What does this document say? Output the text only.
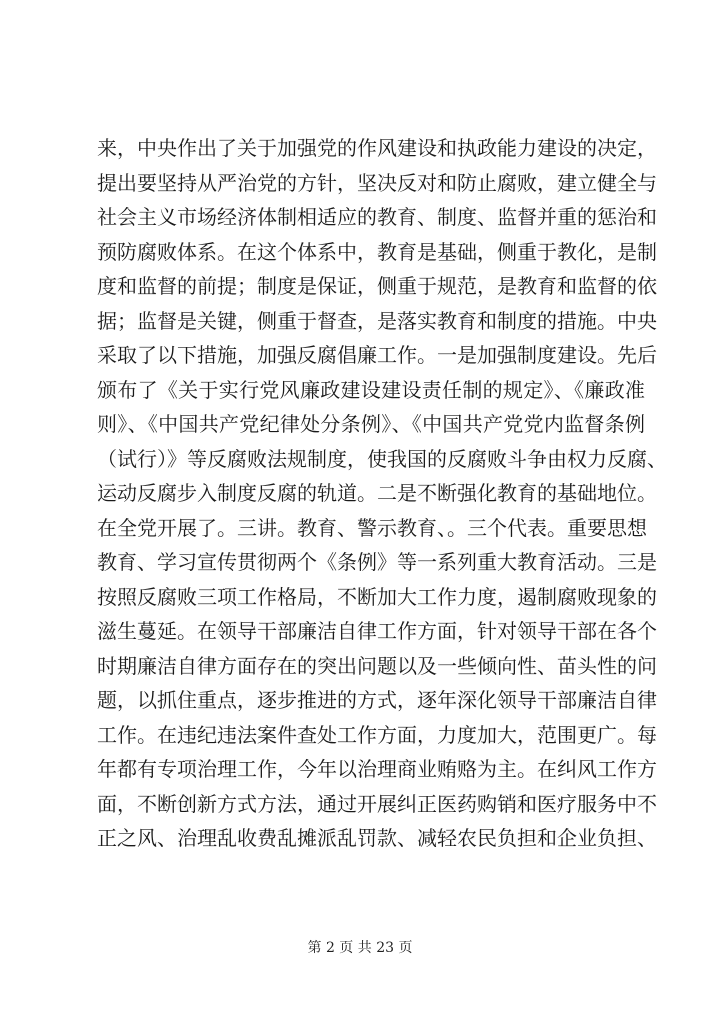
来，中央作出了关于加强党的作风建设和执政能力建设的决定，
提出要坚持从严治党的方针，坚决反对和防止腐败，建立健全与
社会主义市场经济体制相适应的教育、制度、监督并重的惩治和
预防腐败体系。在这个体系中，教育是基础，侧重于教化，是制
度和监督的前提；制度是保证，侧重于规范，是教育和监督的依
据；监督是关键，侧重于督查，是落实教育和制度的措施。中央
采取了以下措施，加强反腐倡廉工作。一是加强制度建设。先后
颁布了《关于实行党风廉政建设建设责任制的规定》、《廉政准
则》、《中国共产党纪律处分条例》、《中国共产党党内监督条例
（试行）》等反腐败法规制度，使我国的反腐败斗争由权力反腐、
运动反腐步入制度反腐的轨道。二是不断强化教育的基础地位。
在全党开展了。三讲。教育、警示教育、。三个代表。重要思想
教育、学习宣传贯彻两个《条例》等一系列重大教育活动。三是
按照反腐败三项工作格局，不断加大工作力度，遏制腐败现象的
滋生蔓延。在领导干部廉洁自律工作方面，针对领导干部在各个
时期廉洁自律方面存在的突出问题以及一些倾向性、苗头性的问
题，以抓住重点，逐步推进的方式，逐年深化领导干部廉洁自律
工作。在违纪违法案件查处工作方面，力度加大，范围更广。每
年都有专项治理工作，今年以治理商业贿赂为主。在纠风工作方
面，不断创新方式方法，通过开展纠正医药购销和医疗服务中不
正之风、治理乱收费乱摊派乱罚款、减轻农民负担和企业负担、
第 2 页 共 23 页
